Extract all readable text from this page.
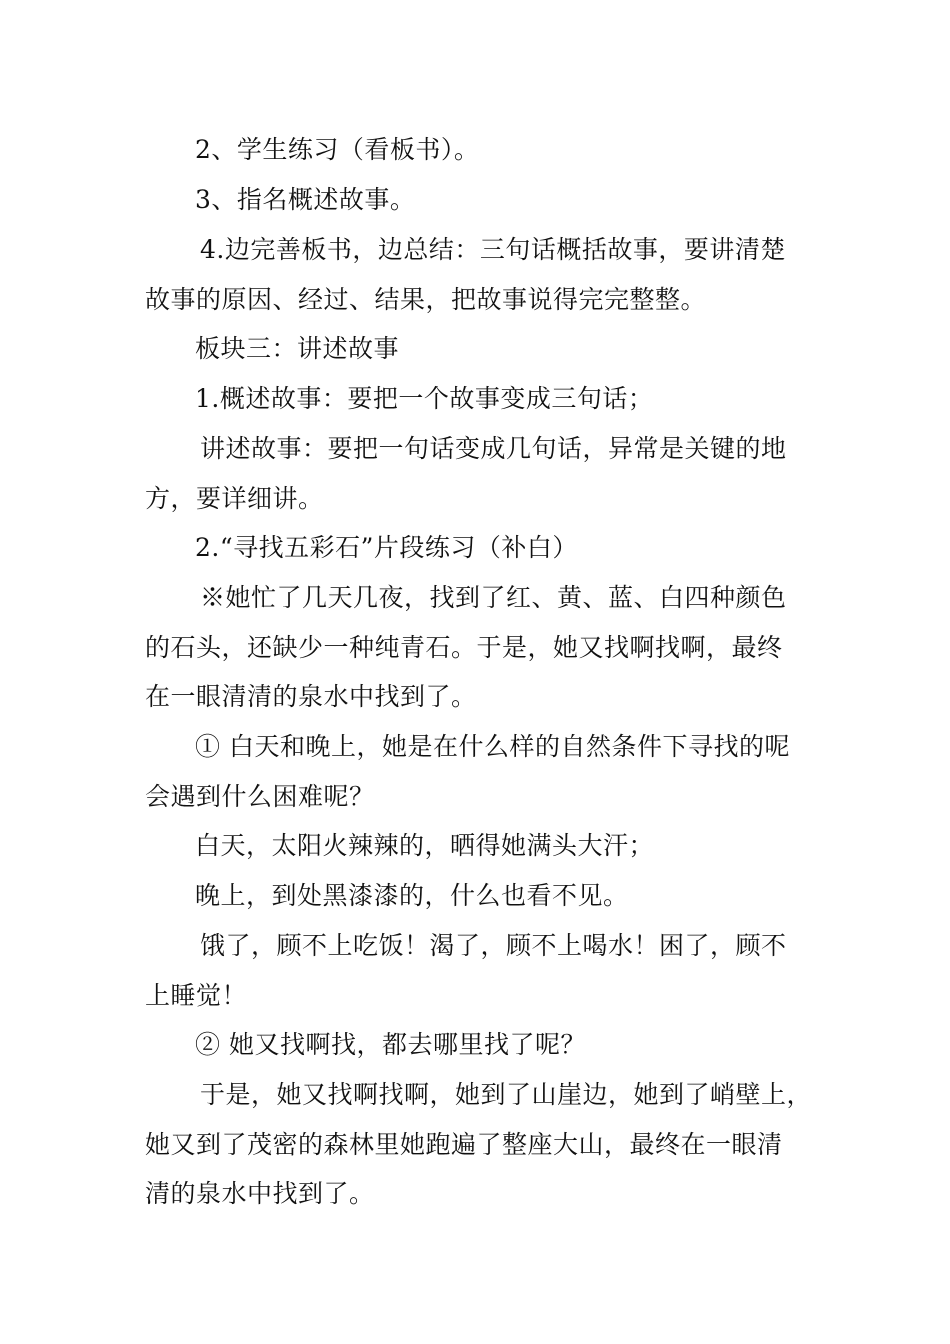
2、学生练习（看板书）。
3、指名概述故事。
4.边完善板书，边总结：三句话概括故事，要讲清楚
故事的原因、经过、结果，把故事说得完完整整。
板块三：讲述故事
1.概述故事：要把一个故事变成三句话；
讲述故事：要把一句话变成几句话，异常是关键的地
方，要详细讲。
2.“寻找五彩石”片段练习（补白）
※她忙了几天几夜，找到了红、黄、蓝、白四种颜色
的石头，还缺少一种纯青石。于是，她又找啊找啊，最终
在一眼清清的泉水中找到了。
① 白天和晚上，她是在什么样的自然条件下寻找的呢
会遇到什么困难呢？
白天，太阳火辣辣的，晒得她满头大汗；
晚上，到处黑漆漆的，什么也看不见。
饿了，顾不上吃饭！渴了，顾不上喝水！困了，顾不
上睡觉！
② 她又找啊找，都去哪里找了呢？
于是，她又找啊找啊，她到了山崖边，她到了峭壁上，
她又到了茂密的森林里她跑遍了整座大山，最终在一眼清
清的泉水中找到了。
